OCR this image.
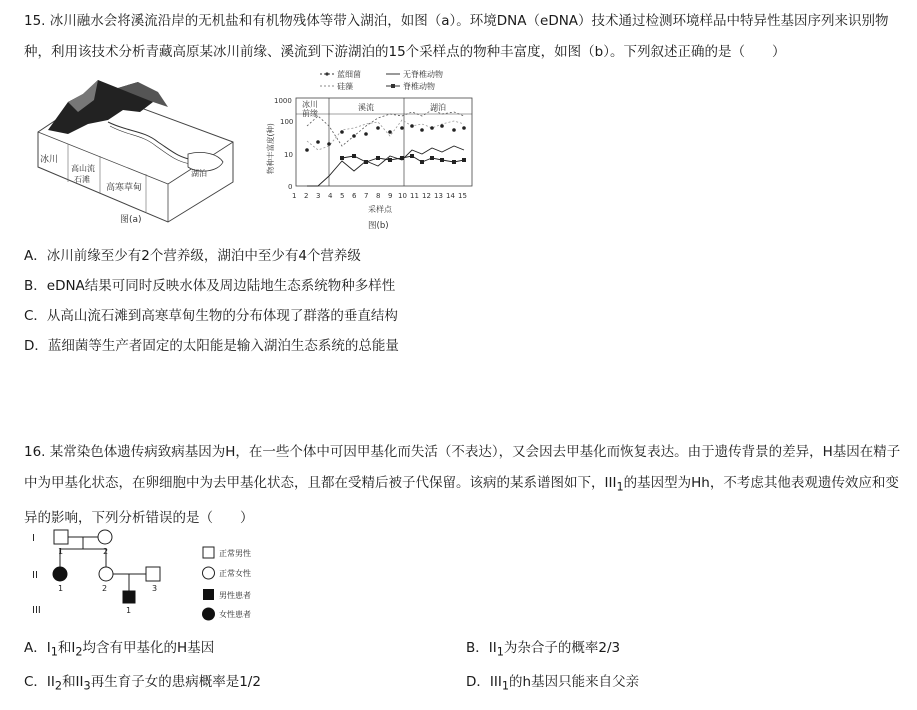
15. 冰川融水会将溪流沿岸的无机盐和有机物残体等带入湖泊，如图（a）。环境DNA（eDNA）技术通过检测环境样品中特异性基因序列来识别物种，利用该技术分析青藏高原某冰川前缘、溪流到下游湖泊的15个采样点的物种丰富度，如图（b）。下列叙述正确的是（　　）
冰川
高山流
石滩
高寒草甸
湖泊
图(a)
蓝细菌
硅藻
无脊椎动物
脊椎动物
冰川
前缘
溪流	湖泊
1000
100
10
0
物种丰富度(种)
1 2 3 4 5 6 7 8 9 10 11 12 13 14 15
采样点
图(b)
A．冰川前缘至少有2个营养级，湖泊中至少有4个营养级
B．eDNA结果可同时反映水体及周边陆地生态系统物种多样性
C．从高山流石滩到高寒草甸生物的分布体现了群落的垂直结构
D．蓝细菌等生产者固定的太阳能是输入湖泊生态系统的总能量
16. 某常染色体遗传病致病基因为H，在一些个体中可因甲基化而失活（不表达），又会因去甲基化而恢复表达。由于遗传背景的差异，H基因在精子中为甲基化状态，在卵细胞中为去甲基化状态，且都在受精后被子代保留。该病的某系谱图如下，$III_1$的基因型为Hh，不考虑其他表观遗传效应和变异的影响，下列分析错误的是（　　）
I
II
III
1	2
1	2	3
1
正常男性
正常女性
男性患者
女性患者
A．$I_1$和$I_2$均含有甲基化的H基因	B．$II_1$为杂合子的概率2/3
C．$II_2$和$II_3$再生育子女的患病概率是1/2	D．$III_1$的h基因只能来自父亲
